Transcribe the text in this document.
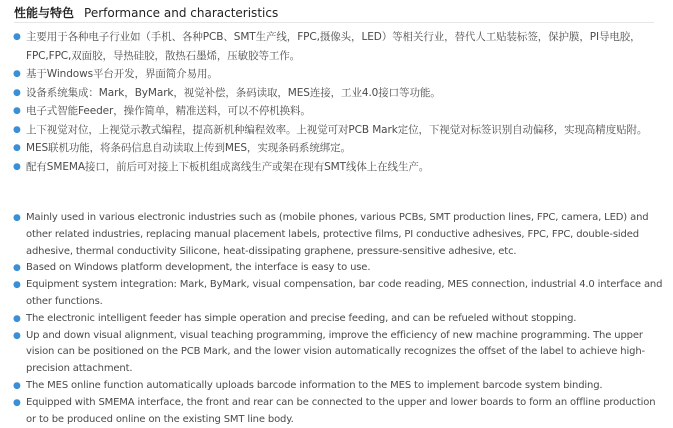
性能与特色 Performance and characteristics
● 主要用于各种电子行业如（手机、各种PCB、SMT生产线，FPC,摄像头，LED）等相关行业，替代人工贴装标签，保护膜，PI导电胶，FPC,FPC,双面胶，导热硅胶，散热石墨烯，压敏胶等工作。
● 基于Windows平台开发，界面简介易用。
● 设备系统集成：Mark，ByMark，视觉补偿，条码读取，MES连接，工业4.0接口等功能。
● 电子式智能Feeder，操作简单，精准送料，可以不停机换料。
● 上下视觉对位，上视觉示教式编程，提高新机种编程效率。上视觉可对PCB Mark定位，下视觉对标签识别自动偏移，实现高精度贴附。
● MES联机功能，将条码信息自动读取上传到MES，实现条码系统绑定。
● 配有SMEMA接口，前后可对接上下板机组成离线生产或架在现有SMT线体上在线生产。
● Mainly used in various electronic industries such as (mobile phones, various PCBs, SMT production lines, FPC, camera, LED) and other related industries, replacing manual placement labels, protective films, PI conductive adhesives, FPC, FPC, double-sided adhesive, thermal conductivity Silicone, heat-dissipating graphene, pressure-sensitive adhesive, etc.
● Based on Windows platform development, the interface is easy to use.
● Equipment system integration: Mark, ByMark, visual compensation, bar code reading, MES connection, industrial 4.0 interface and other functions.
● The electronic intelligent feeder has simple operation and precise feeding, and can be refueled without stopping.
● Up and down visual alignment, visual teaching programming, improve the efficiency of new machine programming. The upper vision can be positioned on the PCB Mark, and the lower vision automatically recognizes the offset of the label to achieve high-precision attachment.
● The MES online function automatically uploads barcode information to the MES to implement barcode system binding.
● Equipped with SMEMA interface, the front and rear can be connected to the upper and lower boards to form an offline production or to be produced online on the existing SMT line body.
